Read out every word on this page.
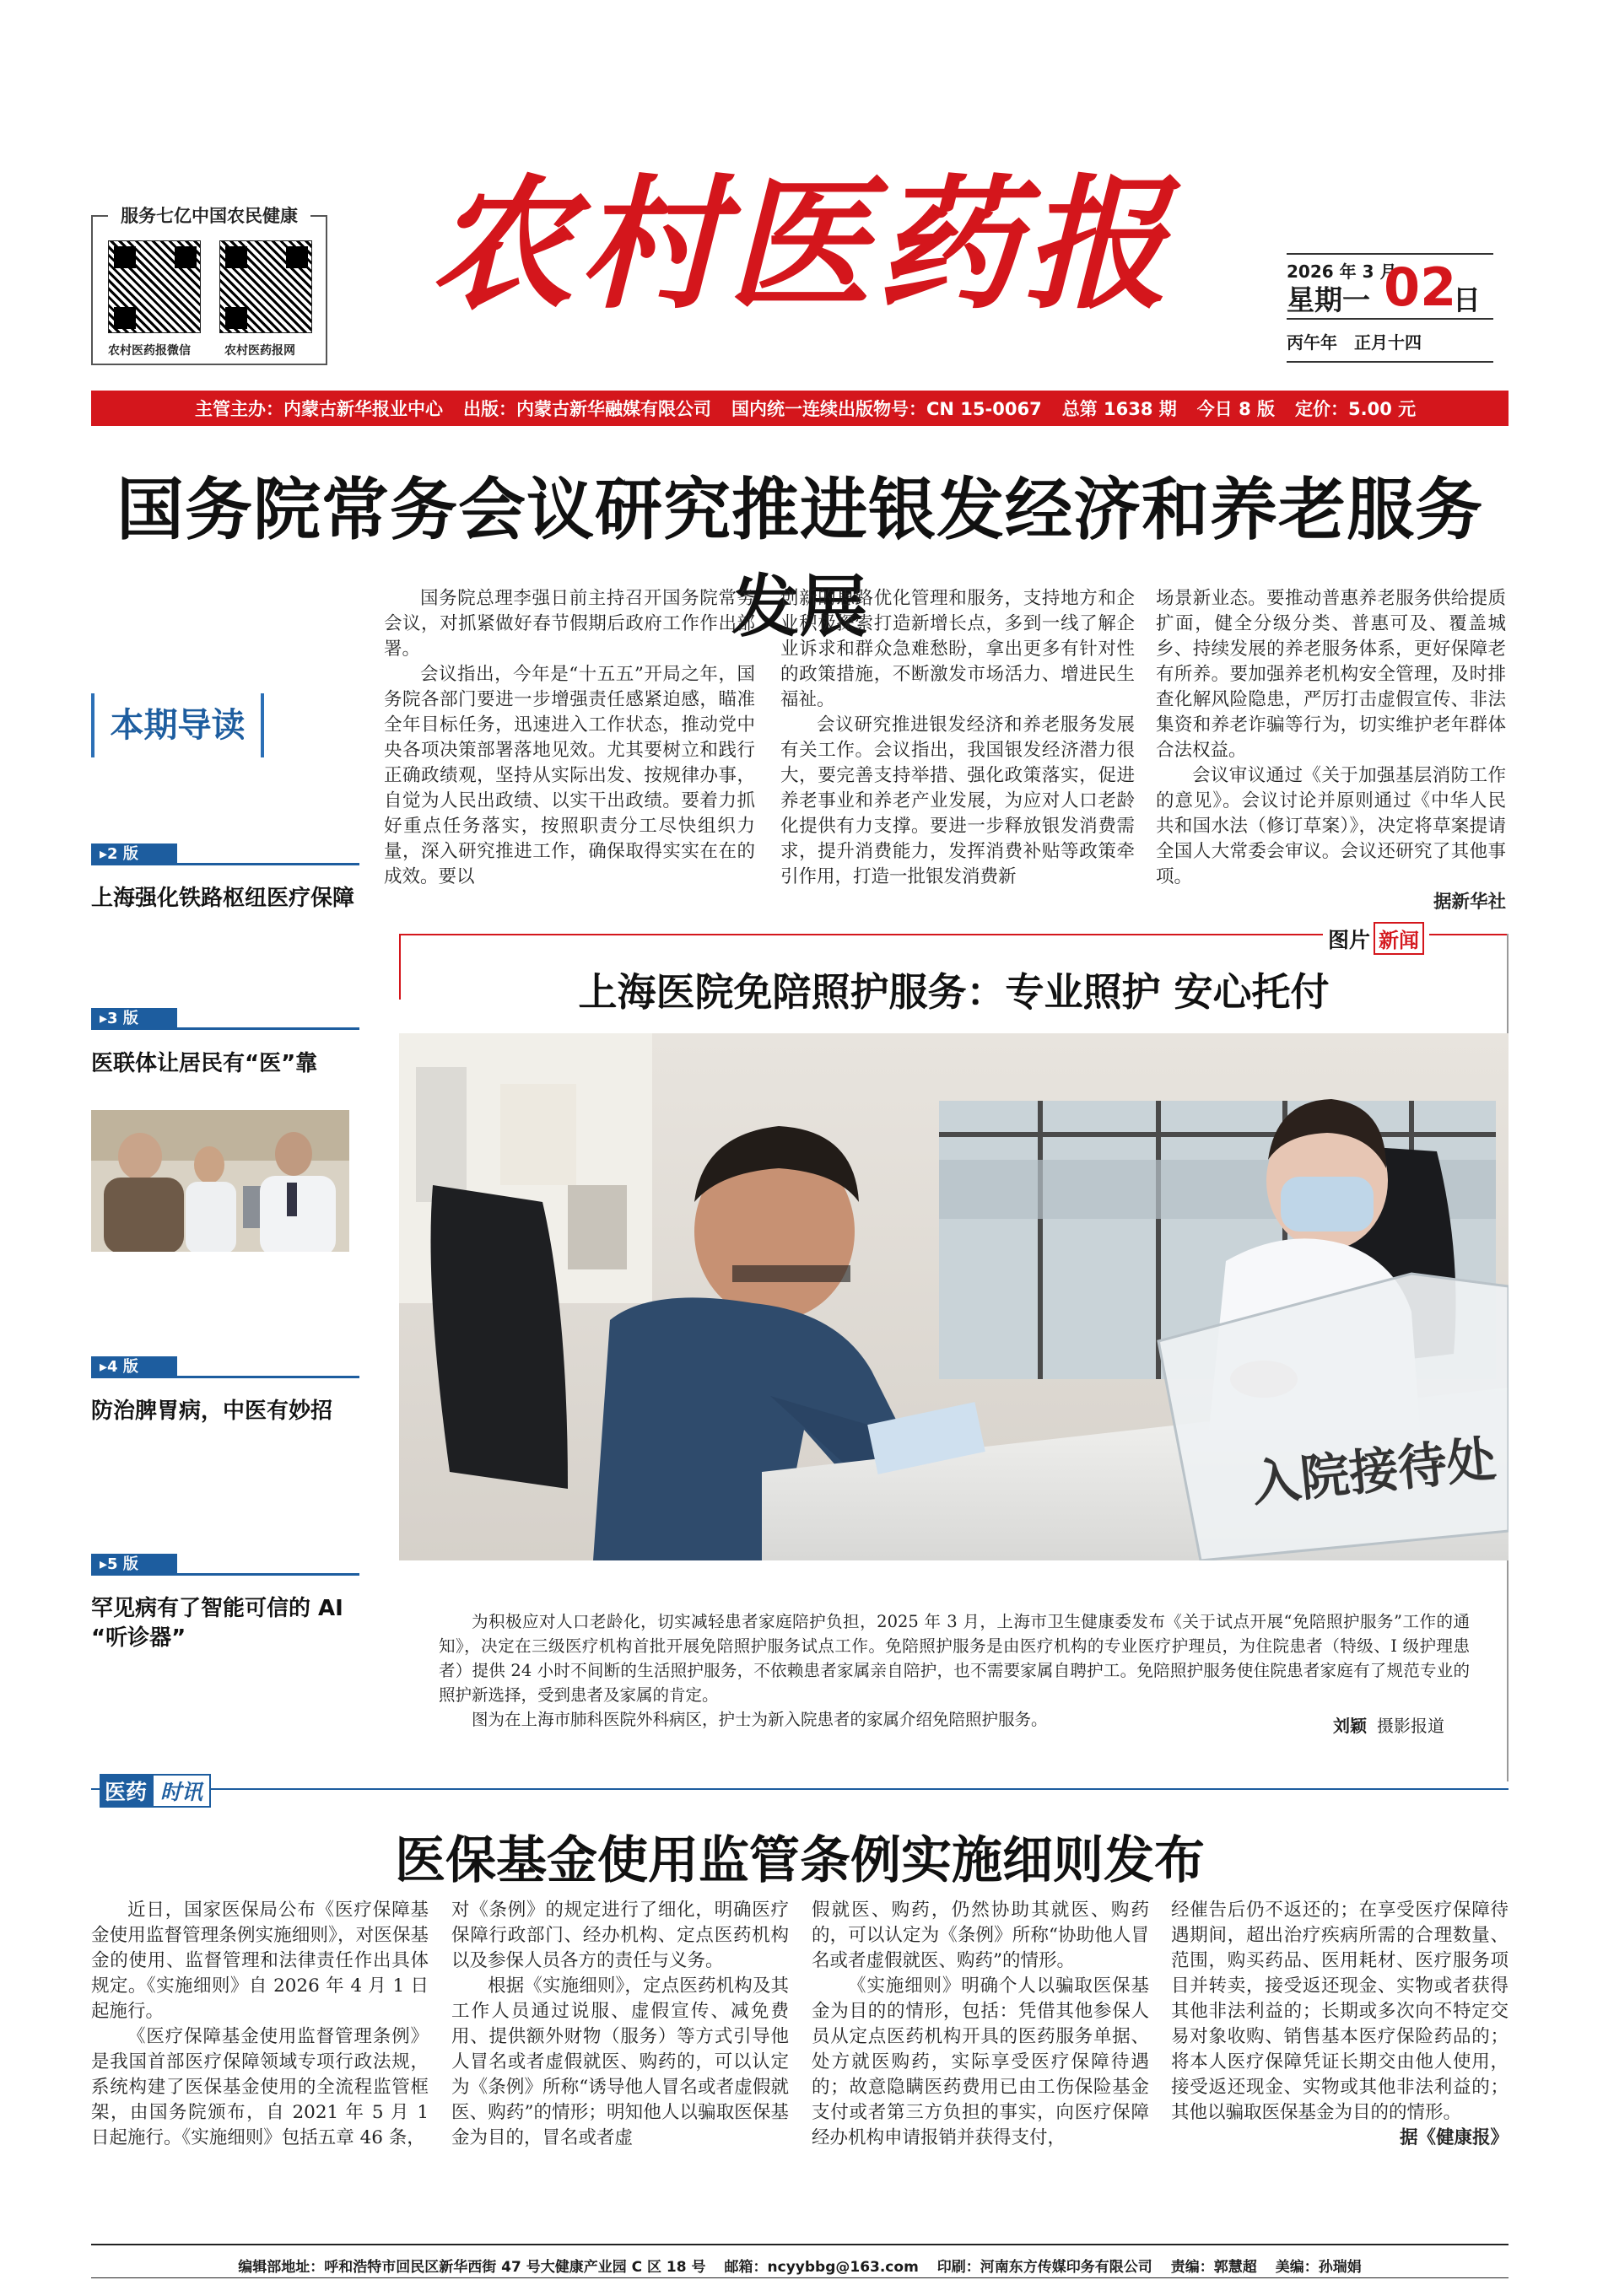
服务七亿中国农民健康
农村医药报微信	农村医药报网
农村医药报	2026 年 3 月
星期一 02
日
丙午年　正月十四
主管主办：内蒙古新华报业中心 出版：内蒙古新华融媒有限公司 国内统一连续出版物号：CN 15-0067 总第 1638 期 今日 8 版 定价：5.00 元
国务院常务会议研究推进银发经济和养老服务发展
本期导读
▸2 版
上海强化铁路枢纽医疗保障
▸3 版
医联体让居民有“医”靠
▸4 版
防治脾胃病，中医有妙招
▸5 版
罕见病有了智能可信的 AI “听诊器”

国务院总理李强日前主持召开国务院常务会议，对抓紧做好春节假期后政府工作作出部署。

会议指出，今年是“十五五”开局之年，国务院各部门要进一步增强责任感紧迫感，瞄准全年目标任务，迅速进入工作状态，推动党中央各项决策部署落地见效。尤其要树立和践行正确政绩观，坚持从实际出发、按规律办事，自觉为人民出政绩、以实干出政绩。要着力抓好重点任务落实，按照职责分工尽快组织力量，深入研究推进工作，确保取得实实在在的成效。要以

创新的思路优化管理和服务，支持地方和企业积极探索打造新增长点，多到一线了解企业诉求和群众急难愁盼，拿出更多有针对性的政策措施，不断激发市场活力、增进民生福祉。

会议研究推进银发经济和养老服务发展有关工作。会议指出，我国银发经济潜力很大，要完善支持举措、强化政策落实，促进养老事业和养老产业发展，为应对人口老龄化提供有力支撑。要进一步释放银发消费需求，提升消费能力，发挥消费补贴等政策牵引作用，打造一批银发消费新

场景新业态。要推动普惠养老服务供给提质扩面，健全分级分类、普惠可及、覆盖城乡、持续发展的养老服务体系，更好保障老有所养。要加强养老机构安全管理，及时排查化解风险隐患，严厉打击虚假宣传、非法集资和养老诈骗等行为，切实维护老年群体合法权益。

会议审议通过《关于加强基层消防工作的意见》。会议讨论并原则通过《中华人民共和国水法（修订草案）》，决定将草案提请全国人大常委会审议。会议还研究了其他事项。

据新华社

图片 新闻
上海医院免陪照护服务：专业照护 安心托付
入院接待处

为积极应对人口老龄化，切实减轻患者家庭陪护负担，2025 年 3 月，上海市卫生健康委发布《关于试点开展“免陪照护服务”工作的通知》，决定在三级医疗机构首批开展免陪照护服务试点工作。免陪照护服务是由医疗机构的专业医疗护理员，为住院患者（特级、I 级护理患者）提供 24 小时不间断的生活照护服务，不依赖患者家属亲自陪护，也不需要家属自聘护工。免陪照护服务使住院患者家庭有了规范专业的照护新选择，受到患者及家属的肯定。

图为在上海市肺科医院外科病区，护士为新入院患者的家属介绍免陪照护服务。	刘颖 摄影报道
医药 时讯
医保基金使用监管条例实施细则发布

近日，国家医保局公布《医疗保障基金使用监督管理条例实施细则》，对医保基金的使用、监督管理和法律责任作出具体规定。《实施细则》自 2026 年 4 月 1 日起施行。

《医疗保障基金使用监督管理条例》是我国首部医疗保障领域专项行政法规，系统构建了医保基金使用的全流程监管框架，由国务院颁布，自 2021 年 5 月 1 日起施行。《实施细则》包括五章 46 条，

对《条例》的规定进行了细化，明确医疗保障行政部门、经办机构、定点医药机构以及参保人员各方的责任与义务。

根据《实施细则》，定点医药机构及其工作人员通过说服、虚假宣传、减免费用、提供额外财物（服务）等方式引导他人冒名或者虚假就医、购药的，可以认定为《条例》所称“诱导他人冒名或者虚假就医、购药”的情形；明知他人以骗取医保基金为目的，冒名或者虚

假就医、购药，仍然协助其就医、购药的，可以认定为《条例》所称“协助他人冒名或者虚假就医、购药”的情形。

《实施细则》明确个人以骗取医保基金为目的的情形，包括：凭借其他参保人员从定点医药机构开具的医药服务单据、处方就医购药，实际享受医疗保障待遇的；故意隐瞒医药费用已由工伤保险基金支付或者第三方负担的事实，向医疗保障经办机构申请报销并获得支付，

经催告后仍不返还的；在享受医疗保障待遇期间，超出治疗疾病所需的合理数量、范围，购买药品、医用耗材、医疗服务项目并转卖，接受返还现金、实物或者获得其他非法利益的；长期或多次向不特定交易对象收购、销售基本医疗保险药品的；将本人医疗保障凭证长期交由他人使用，接受返还现金、实物或其他非法利益的；其他以骗取医保基金为目的的情形。

据《健康报》

编辑部地址：呼和浩特市回民区新华西街 47 号大健康产业园 C 区 18 号 邮箱：ncyybbg@163.com 印刷：河南东方传媒印务有限公司 责编：郭慧超 美编：孙瑞娟
